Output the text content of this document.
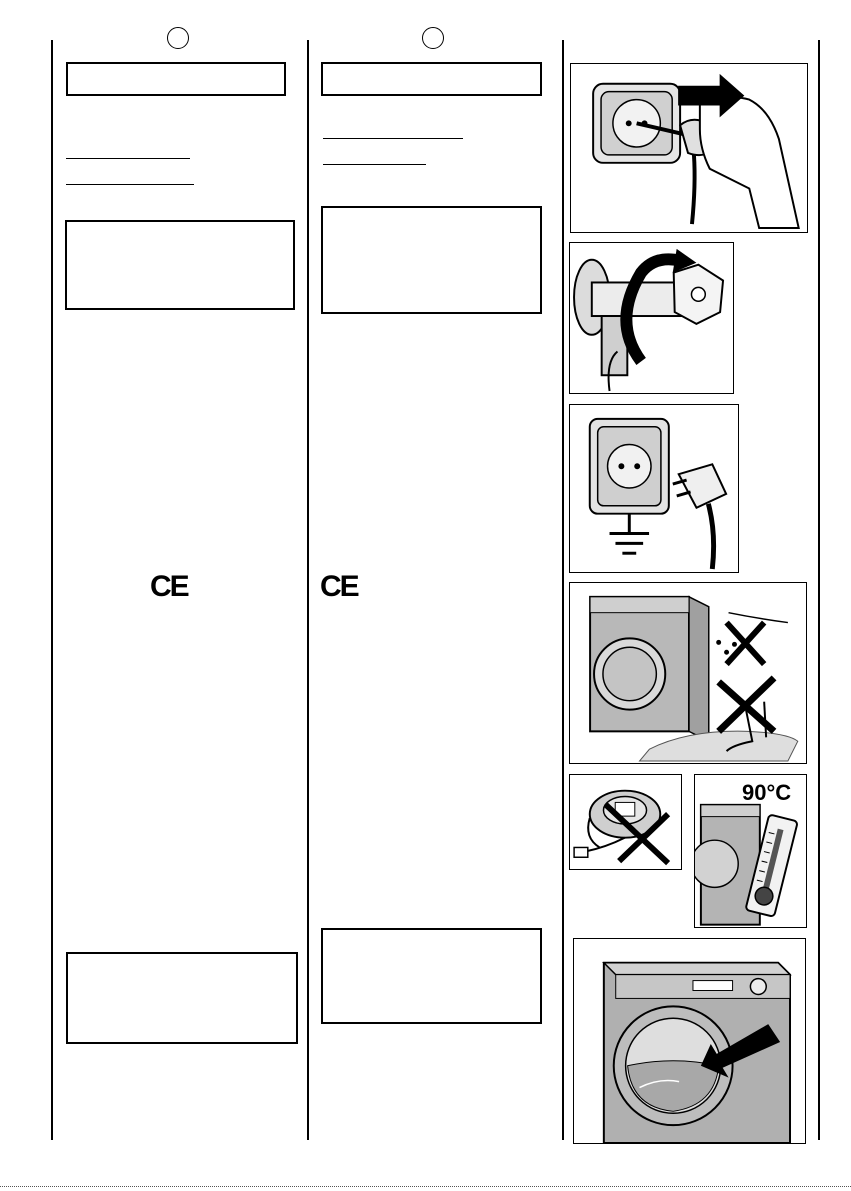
CE	CE
90°C
